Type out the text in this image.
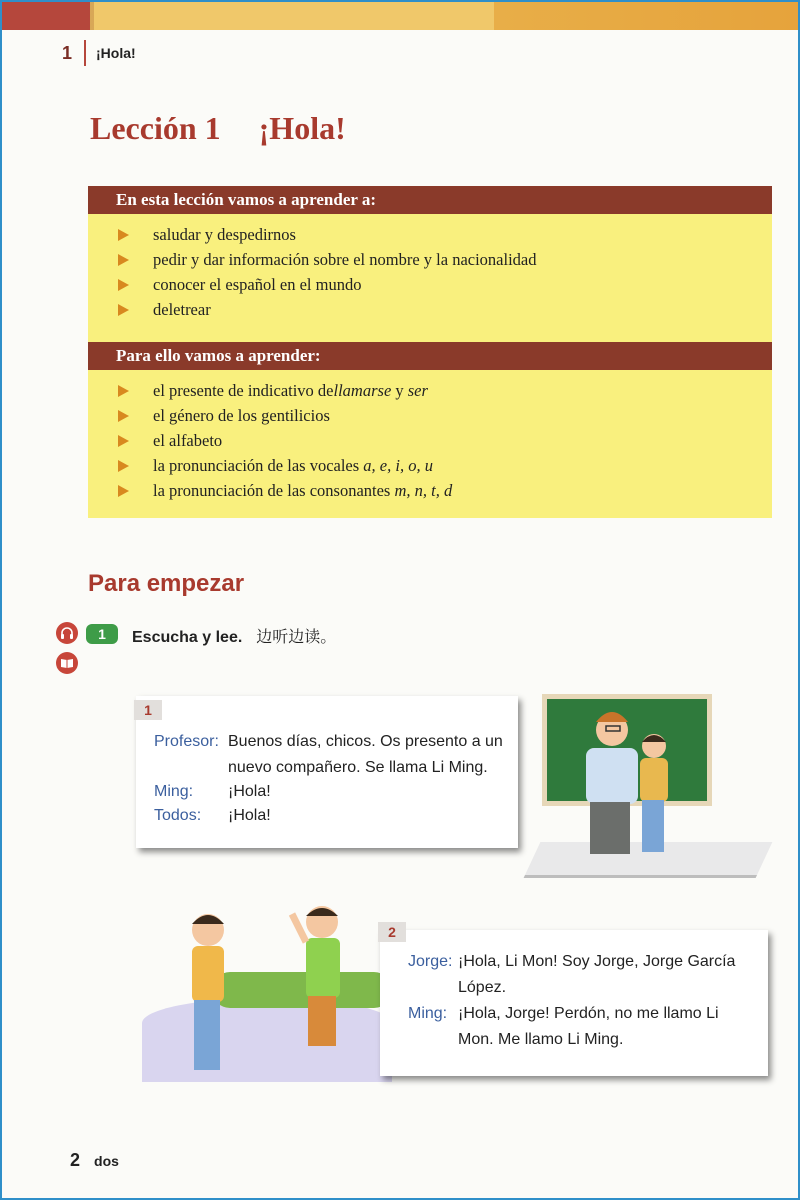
1 ¡Hola!
Lección 1 ¡Hola!
En esta lección vamos a aprender a:
saludar y despedirnos
pedir y dar información sobre el nombre y la nacionalidad
conocer el español en el mundo
deletrear
Para ello vamos a aprender:
el presente de indicativo de llamarse y ser
el género de los gentilicios
el alfabeto
la pronunciación de las vocales a, e, i, o, u
la pronunciación de las consonantes m, n, t, d
Para empezar
1	Escucha y lee. 边听边读。
1
Profesor: Buenos días, chicos. Os presento a un
nuevo compañero. Se llama Li Ming.
Ming: ¡Hola!
Todos: ¡Hola!
2
Jorge: ¡Hola, Li Mon! Soy Jorge, Jorge García
López.
Ming: ¡Hola, Jorge! Perdón, no me llamo Li
Mon. Me llamo Li Ming.
2 dos
